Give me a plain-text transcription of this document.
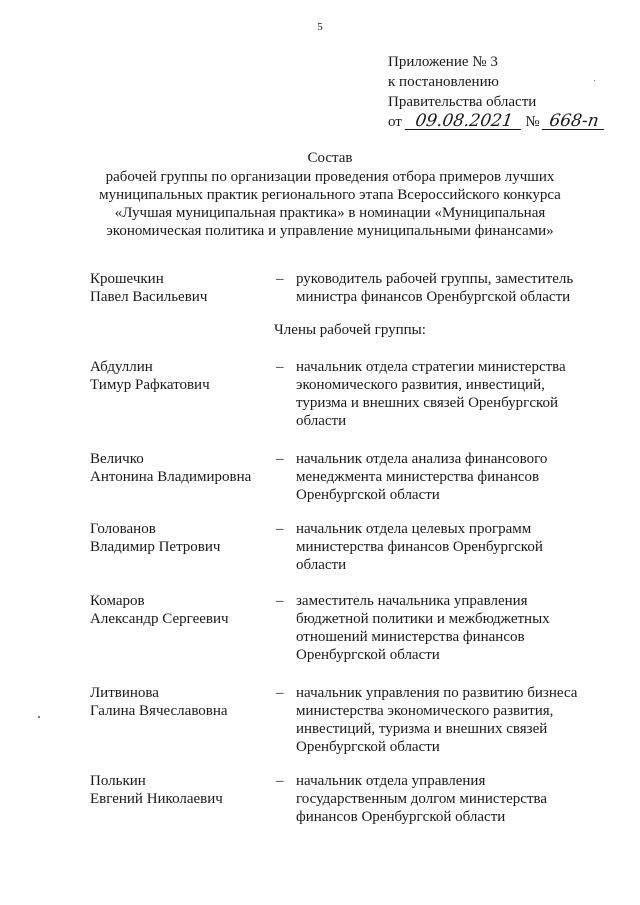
5
Приложение № 3
к постановлению
Правительства области
от 09.08.2021 № 668-п
Состав
рабочей группы по организации проведения отбора примеров лучших
муниципальных практик регионального этапа Всероссийского конкурса
«Лучшая муниципальная практика» в номинации «Муниципальная
экономическая политика и управление муниципальными финансами»
Крошечкин
Павел Васильевич
– руководитель рабочей группы, заместитель
министра финансов Оренбургской области
Члены рабочей группы:
Абдуллин
Тимур Рафкатович
– начальник отдела стратегии министерства
экономического развития, инвестиций,
туризма и внешних связей Оренбургской
области
Величко
Антонина Владимировна
– начальник отдела анализа финансового
менеджмента министерства финансов
Оренбургской области
Голованов
Владимир Петрович
– начальник отдела целевых программ
министерства финансов Оренбургской
области
Комаров
Александр Сергеевич
– заместитель начальника управления
бюджетной политики и межбюджетных
отношений министерства финансов
Оренбургской области
Литвинова
Галина Вячеславовна
– начальник управления по развитию бизнеса
министерства экономического развития,
инвестиций, туризма и внешних связей
Оренбургской области
Полькин
Евгений Николаевич
– начальник отдела управления
государственным долгом министерства
финансов Оренбургской области
